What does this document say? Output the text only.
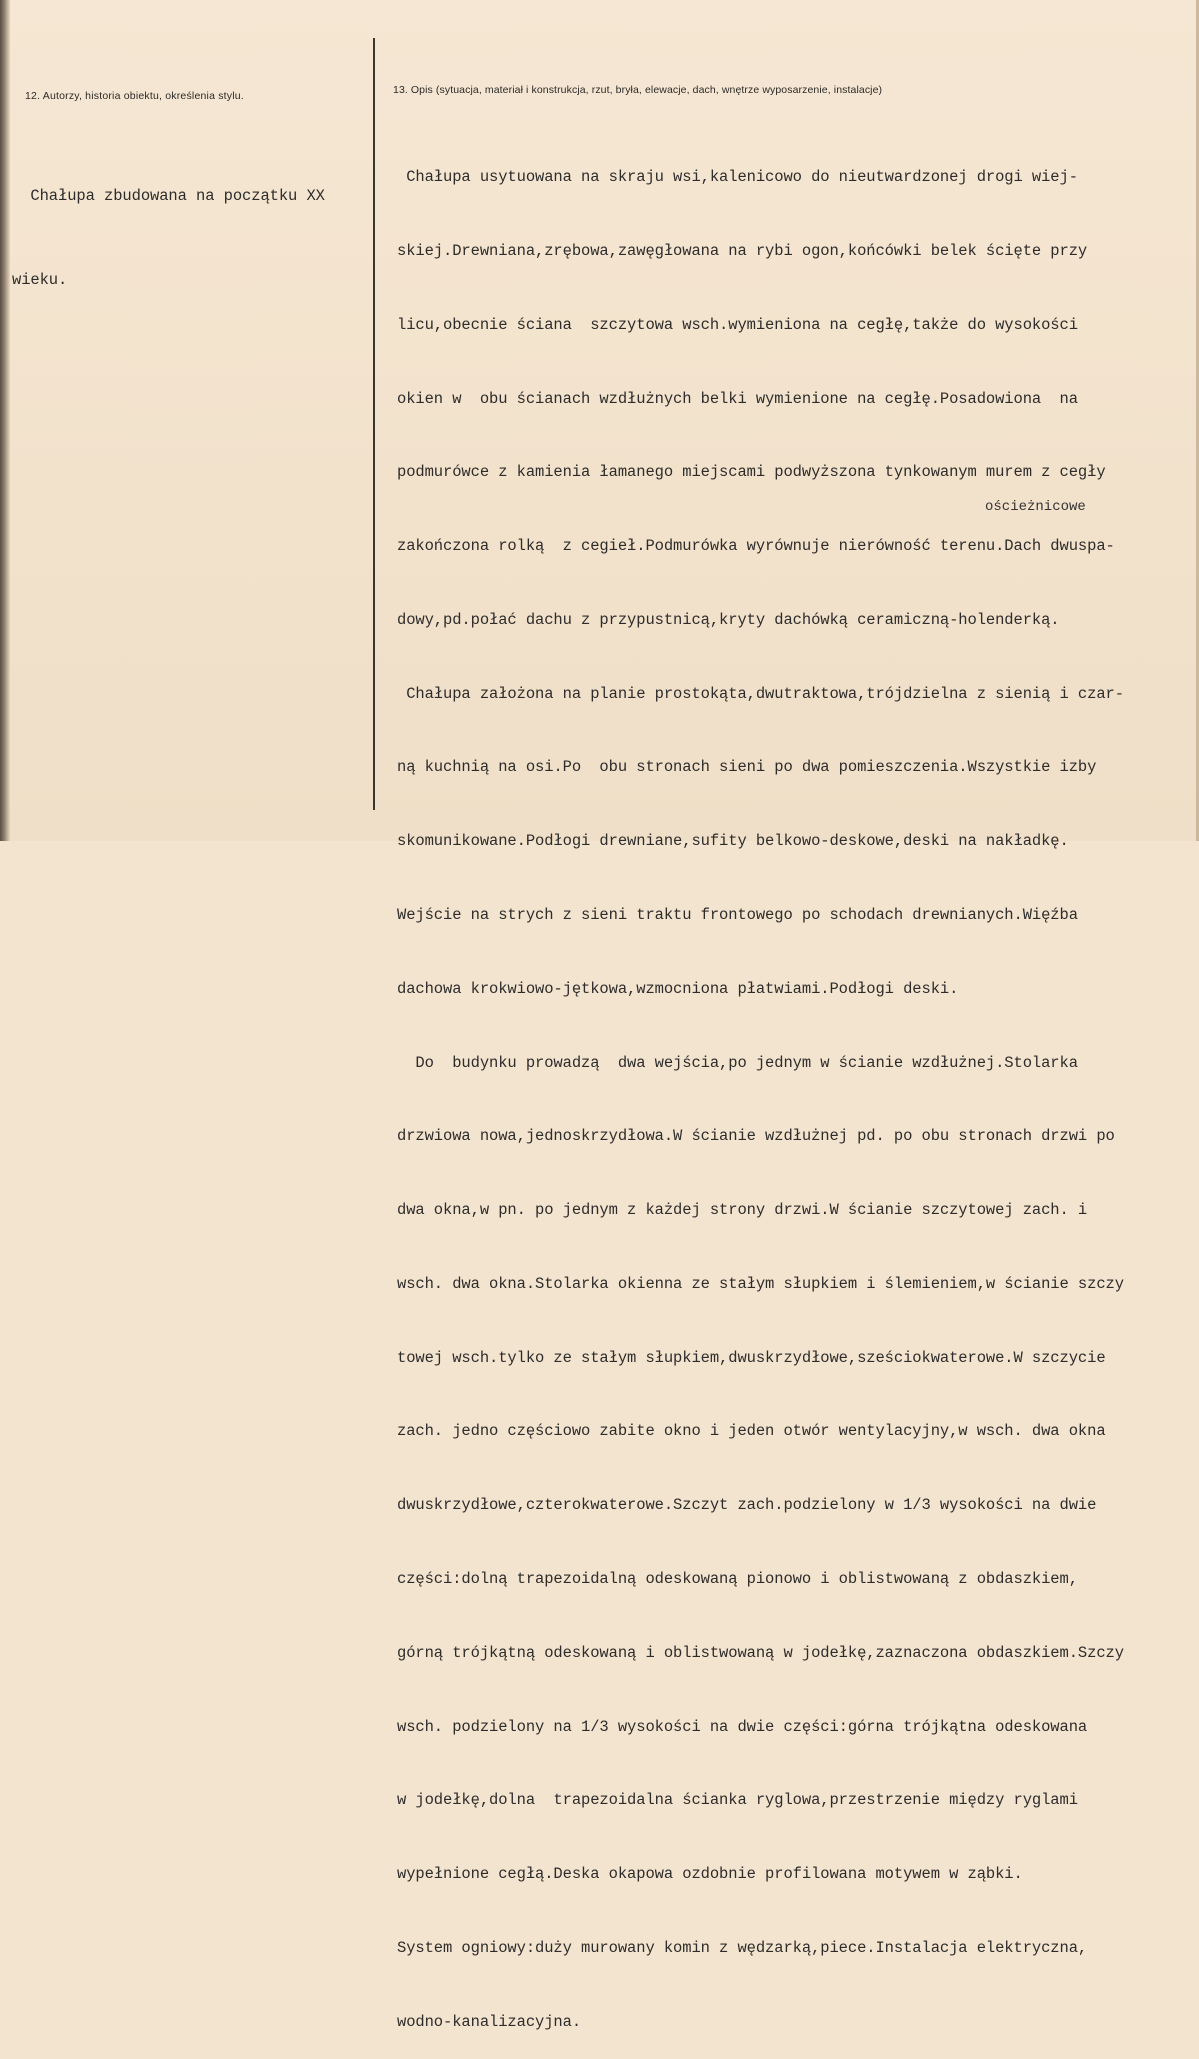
12. Autorzy, historia obiektu, określenia stylu.

Chałupa zbudowana na początku XX

wieku.

13. Opis (sytuacja, materiał i konstrukcja, rzut, bryła, elewacje, dach, wnętrze wyposarzenie, instalacje)

Chałupa usytuowana na skraju wsi,kalenicowo do nieutwardzonej drogi wiej-

skiej.Drewniana,zrębowa,zawęgłowana na rybi ogon,końcówki belek ścięte przy

licu,obecnie ściana  szczytowa wsch.wymieniona na cegłę,także do wysokości

okien w  obu ścianach wzdłużnych belki wymienione na cegłę.Posadowiona  na

podmurówce z kamienia łamanego miejscami podwyższona tynkowanym murem z cegły

zakończona rolką  z cegieł.Podmurówka wyrównuje nierówność terenu.Dach dwuspa-

dowy,pd.połać dachu z przypustnicą,kryty dachówką ceramiczną-holenderką.

Chałupa założona na planie prostokąta,dwutraktowa,trójdzielna z sienią i czar-

ną kuchnią na osi.Po  obu stronach sieni po dwa pomieszczenia.Wszystkie izby

skomunikowane.Podłogi drewniane,sufity belkowo-deskowe,deski na nakładkę.

Wejście na strych z sieni traktu frontowego po schodach drewnianych.Więźba

dachowa krokwiowo-jętkowa,wzmocniona płatwiami.Podłogi deski.

Do  budynku prowadzą  dwa wejścia,po jednym w ścianie wzdłużnej.Stolarka

drzwiowa nowa,jednoskrzydłowa.W ścianie wzdłużnej pd. po obu stronach drzwi po

dwa okna,w pn. po jednym z każdej strony drzwi.W ścianie szczytowej zach. i

wsch. dwa okna.Stolarka okienna ze stałym słupkiem i ślemieniem,w ścianie szczy

towej wsch.tylko ze stałym słupkiem,dwuskrzydłowe,sześciokwaterowe.W szczycie

zach. jedno częściowo zabite okno i jeden otwór wentylacyjny,w wsch. dwa okna

dwuskrzydłowe,czterokwaterowe.Szczyt zach.podzielony w 1/3 wysokości na dwie

części:dolną trapezoidalną odeskowaną pionowo i oblistwowaną z obdaszkiem,

górną trójkątną odeskowaną i oblistwowaną w jodełkę,zaznaczona obdaszkiem.Szczy

wsch. podzielony na 1/3 wysokości na dwie części:górna trójkątna odeskowana

w jodełkę,dolna  trapezoidalna ścianka ryglowa,przestrzenie między ryglami

wypełnione cegłą.Deska okapowa ozdobnie profilowana motywem w ząbki.

System ogniowy:duży murowany komin z wędzarką,piece.Instalacja elektryczna,

wodno-kanalizacyjna.

ościeżnicowe
